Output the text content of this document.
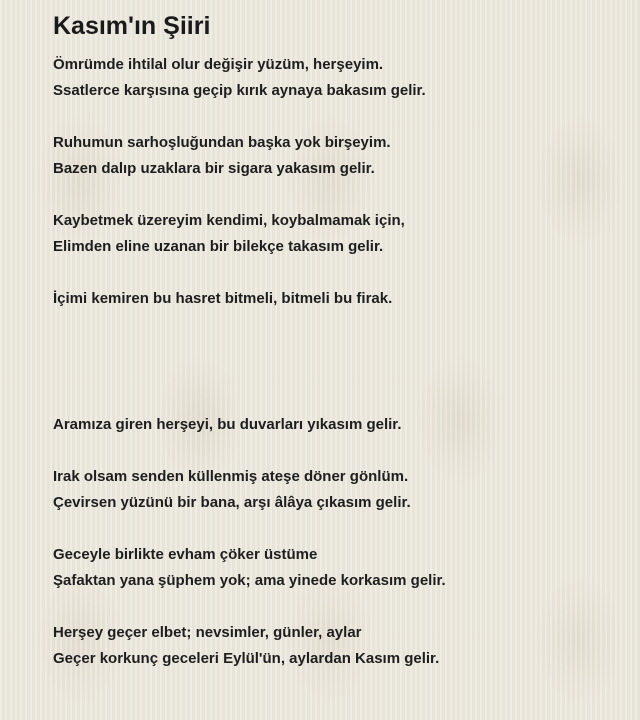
Kasım'ın Şiiri
Ömrümde ihtilal olur değişir yüzüm, herşeyim.
Ssatlerce karşısına geçip kırık aynaya bakasım gelir.
Ruhumun sarhoşluğundan başka yok birşeyim.
Bazen dalıp uzaklara bir sigara yakasım gelir.
Kaybetmek üzereyim kendimi, koybalmamak için,
Elimden eline uzanan bir bilekçe takasım gelir.
İçimi kemiren bu hasret bitmeli, bitmeli bu firak.
Aramıza giren herşeyi, bu duvarları yıkasım gelir.
Irak olsam senden küllenmiş ateşe döner gönlüm.
Çevirsen yüzünü bir bana, arşı âlâya çıkasım gelir.
Geceyle birlikte evham çöker üstüme
Şafaktan yana şüphem yok; ama yinede korkasım gelir.
Herşey geçer elbet; nevsimler, günler, aylar
Geçer korkunç geceleri Eylül'ün, aylardan Kasım gelir.
